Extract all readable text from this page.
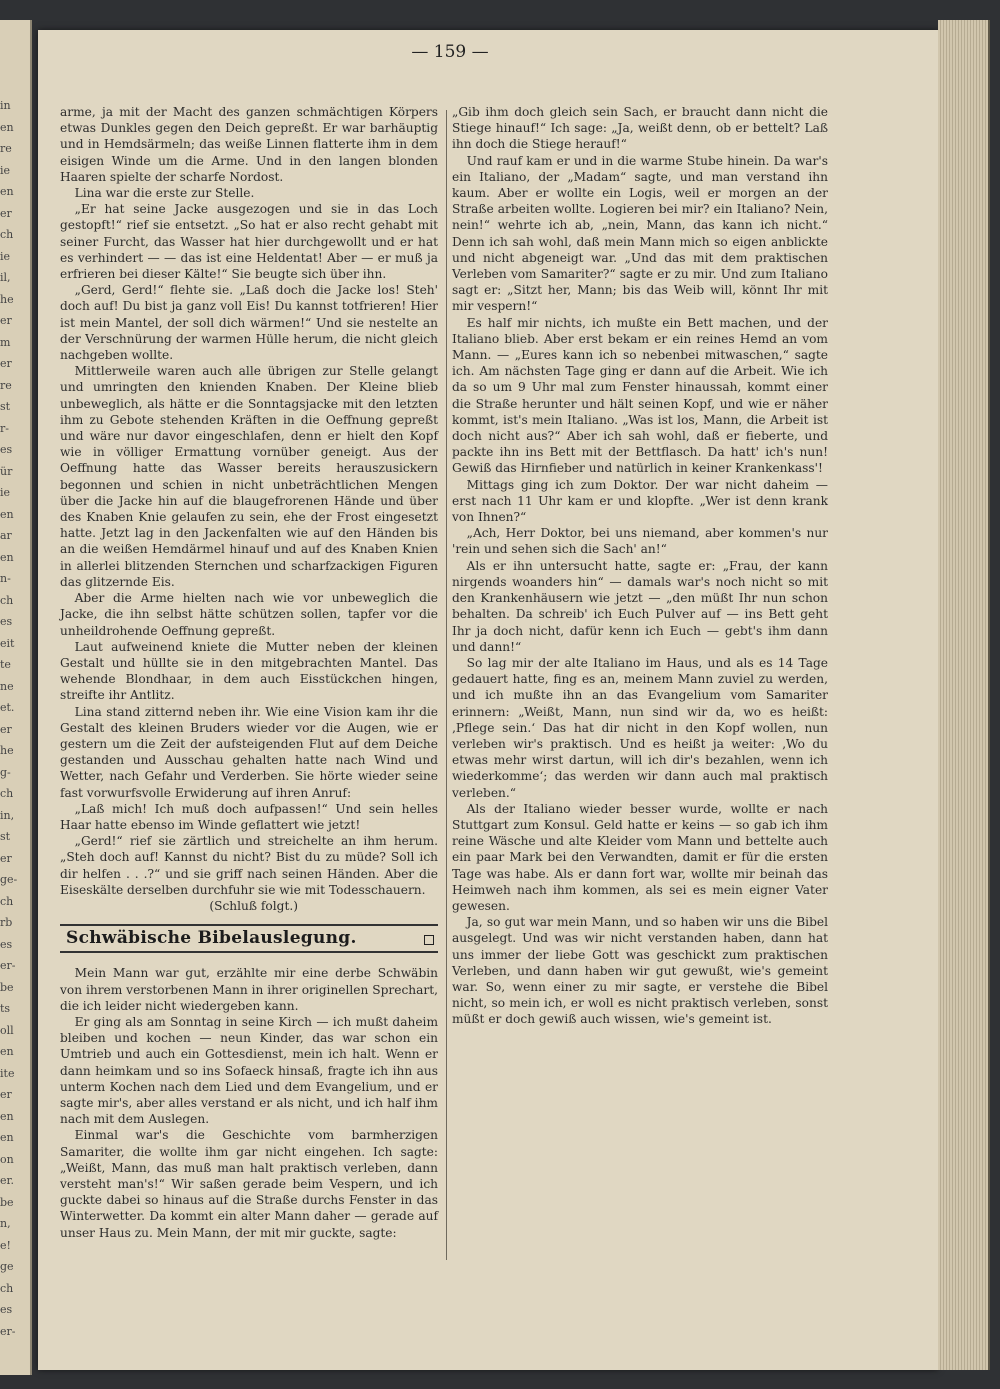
in
en
re
ie
en
er
ch
ie
il,
he
er
m
er
re
st
r-
es
ür
ie
en
ar
en
n-
ch
es
eit
te
ne
et.
er
he
g-
ch
in,
st
er
ge-
ch
rb
es
er-
be
ts
oll
en
ite
er
en
en
on
er.
be
n,
e!
ge
ch
es
er-
— 159 —

arme, ja mit der Macht des ganzen schmächtigen Körpers etwas Dunkles gegen den Deich gepreßt. Er war barhäuptig und in Hemdsärmeln; das weiße Linnen flatterte ihm in dem eisigen Winde um die Arme. Und in den langen blonden Haaren spielte der scharfe Nordost.

Lina war die erste zur Stelle.

„Er hat seine Jacke ausgezogen und sie in das Loch gestopft!“ rief sie entsetzt. „So hat er also recht gehabt mit seiner Furcht, das Wasser hat hier durchgewollt und er hat es verhindert — — das ist eine Heldentat! Aber — er muß ja erfrieren bei dieser Kälte!“ Sie beugte sich über ihn.

„Gerd, Gerd!“ flehte sie. „Laß doch die Jacke los! Steh' doch auf! Du bist ja ganz voll Eis! Du kannst totfrieren! Hier ist mein Mantel, der soll dich wärmen!“ Und sie nestelte an der Verschnürung der warmen Hülle herum, die nicht gleich nachgeben wollte.

Mittlerweile waren auch alle übrigen zur Stelle gelangt und umringten den knienden Knaben. Der Kleine blieb unbeweglich, als hätte er die Sonntagsjacke mit den letzten ihm zu Gebote stehenden Kräften in die Oeffnung gepreßt und wäre nur davor eingeschlafen, denn er hielt den Kopf wie in völliger Ermattung vornüber geneigt. Aus der Oeffnung hatte das Wasser bereits herauszusickern begonnen und schien in nicht unbeträchtlichen Mengen über die Jacke hin auf die blaugefrorenen Hände und über des Knaben Knie gelaufen zu sein, ehe der Frost eingesetzt hatte. Jetzt lag in den Jackenfalten wie auf den Händen bis an die weißen Hemdärmel hinauf und auf des Knaben Knien in allerlei blitzenden Sternchen und scharfzackigen Figuren das glitzernde Eis.

Aber die Arme hielten nach wie vor unbeweglich die Jacke, die ihn selbst hätte schützen sollen, tapfer vor die unheildrohende Oeffnung gepreßt.

Laut aufweinend kniete die Mutter neben der kleinen Gestalt und hüllte sie in den mitgebrachten Mantel. Das wehende Blondhaar, in dem auch Eisstückchen hingen, streifte ihr Antlitz.

Lina stand zitternd neben ihr. Wie eine Vision kam ihr die Gestalt des kleinen Bruders wieder vor die Augen, wie er gestern um die Zeit der aufsteigenden Flut auf dem Deiche gestanden und Ausschau gehalten hatte nach Wind und Wetter, nach Gefahr und Verderben. Sie hörte wieder seine fast vorwurfsvolle Erwiderung auf ihren Anruf:

„Laß mich! Ich muß doch aufpassen!“ Und sein helles Haar hatte ebenso im Winde geflattert wie jetzt!

„Gerd!“ rief sie zärtlich und streichelte an ihm herum. „Steh doch auf! Kannst du nicht? Bist du zu müde? Soll ich dir helfen . . .?“ und sie griff nach seinen Händen. Aber die Eiseskälte derselben durchfuhr sie wie mit Todesschauern.

(Schluß folgt.)

Schwäbische Bibelauslegung.

Mein Mann war gut, erzählte mir eine derbe Schwäbin von ihrem verstorbenen Mann in ihrer originellen Sprechart, die ich leider nicht wiedergeben kann.

Er ging als am Sonntag in seine Kirch — ich mußt daheim bleiben und kochen — neun Kinder, das war schon ein Umtrieb und auch ein Gottesdienst, mein ich halt. Wenn er dann heimkam und so ins Sofaeck hinsaß, fragte ich ihn aus unterm Kochen nach dem Lied und dem Evangelium, und er sagte mir's, aber alles verstand er als nicht, und ich half ihm nach mit dem Auslegen.

Einmal war's die Geschichte vom barmherzigen Samariter, die wollte ihm gar nicht eingehen. Ich sagte: „Weißt, Mann, das muß man halt praktisch verleben, dann versteht man's!“ Wir saßen gerade beim Vespern, und ich guckte dabei so hinaus auf die Straße durchs Fenster in das Winterwetter. Da kommt ein alter Mann daher — gerade auf unser Haus zu. Mein Mann, der mit mir guckte, sagte:

„Gib ihm doch gleich sein Sach, er braucht dann nicht die Stiege hinauf!“ Ich sage: „Ja, weißt denn, ob er bettelt? Laß ihn doch die Stiege herauf!“

Und rauf kam er und in die warme Stube hinein. Da war's ein Italiano, der „Madam“ sagte, und man verstand ihn kaum. Aber er wollte ein Logis, weil er morgen an der Straße arbeiten wollte. Logieren bei mir? ein Italiano? Nein, nein!“ wehrte ich ab, „nein, Mann, das kann ich nicht.“ Denn ich sah wohl, daß mein Mann mich so eigen anblickte und nicht abgeneigt war. „Und das mit dem praktischen Verleben vom Samariter?“ sagte er zu mir. Und zum Italiano sagt er: „Sitzt her, Mann; bis das Weib will, könnt Ihr mit mir vespern!“

Es half mir nichts, ich mußte ein Bett machen, und der Italiano blieb. Aber erst bekam er ein reines Hemd an vom Mann. — „Eures kann ich so nebenbei mitwaschen,“ sagte ich. Am nächsten Tage ging er dann auf die Arbeit. Wie ich da so um 9 Uhr mal zum Fenster hinaussah, kommt einer die Straße herunter und hält seinen Kopf, und wie er näher kommt, ist's mein Italiano. „Was ist los, Mann, die Arbeit ist doch nicht aus?“ Aber ich sah wohl, daß er fieberte, und packte ihn ins Bett mit der Bettflasch. Da hatt' ich's nun! Gewiß das Hirnfieber und natürlich in keiner Krankenkass'!

Mittags ging ich zum Doktor. Der war nicht daheim — erst nach 11 Uhr kam er und klopfte. „Wer ist denn krank von Ihnen?“

„Ach, Herr Doktor, bei uns niemand, aber kommen's nur 'rein und sehen sich die Sach' an!“

Als er ihn untersucht hatte, sagte er: „Frau, der kann nirgends woanders hin“ — damals war's noch nicht so mit den Krankenhäusern wie jetzt — „den müßt Ihr nun schon behalten. Da schreib' ich Euch Pulver auf — ins Bett geht Ihr ja doch nicht, dafür kenn ich Euch — gebt's ihm dann und dann!“

So lag mir der alte Italiano im Haus, und als es 14 Tage gedauert hatte, fing es an, meinem Mann zuviel zu werden, und ich mußte ihn an das Evangelium vom Samariter erinnern: „Weißt, Mann, nun sind wir da, wo es heißt: ‚Pflege sein.‘ Das hat dir nicht in den Kopf wollen, nun verleben wir's praktisch. Und es heißt ja weiter: ‚Wo du etwas mehr wirst dartun, will ich dir's bezahlen, wenn ich wiederkomme‘; das werden wir dann auch mal praktisch verleben.“

Als der Italiano wieder besser wurde, wollte er nach Stuttgart zum Konsul. Geld hatte er keins — so gab ich ihm reine Wäsche und alte Kleider vom Mann und bettelte auch ein paar Mark bei den Verwandten, damit er für die ersten Tage was habe. Als er dann fort war, wollte mir beinah das Heimweh nach ihm kommen, als sei es mein eigner Vater gewesen.

Ja, so gut war mein Mann, und so haben wir uns die Bibel ausgelegt. Und was wir nicht verstanden haben, dann hat uns immer der liebe Gott was geschickt zum praktischen Verleben, und dann haben wir gut gewußt, wie's gemeint war. So, wenn einer zu mir sagte, er verstehe die Bibel nicht, so mein ich, er woll es nicht praktisch verleben, sonst müßt er doch gewiß auch wissen, wie's gemeint ist.
